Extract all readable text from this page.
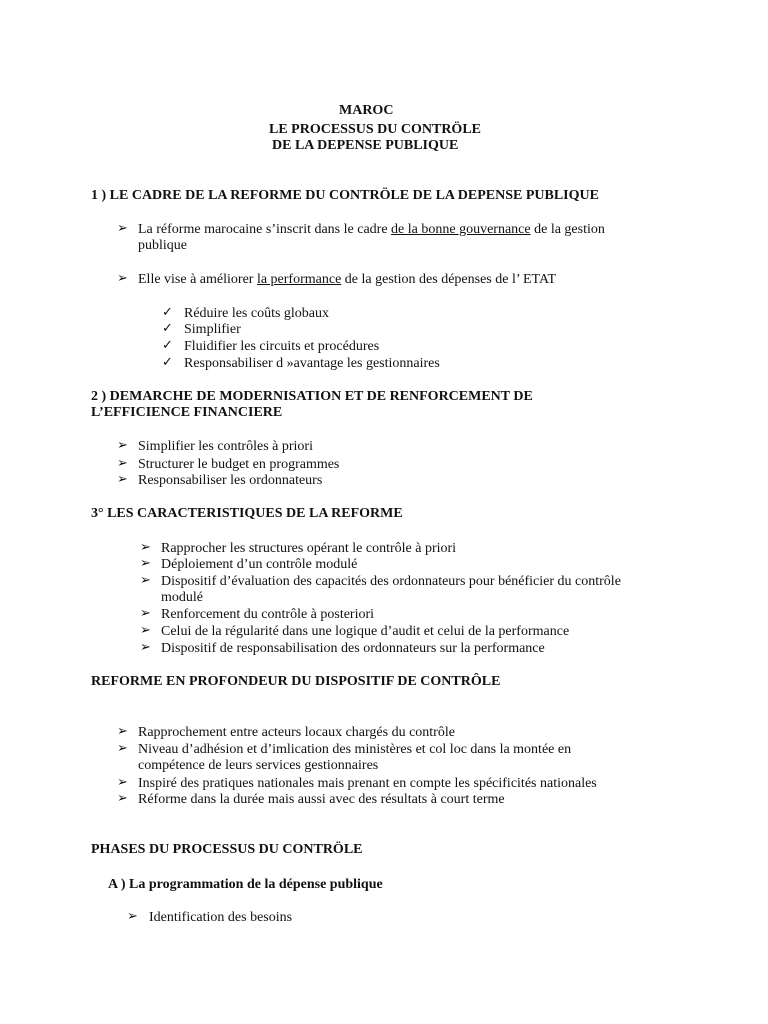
MAROC
LE PROCESSUS DU CONTRÖLE
DE LA DEPENSE PUBLIQUE
1 ) LE CADRE DE LA REFORME DU CONTRÖLE DE LA DEPENSE PUBLIQUE
➢ La réforme marocaine s’inscrit dans le cadre de la bonne gouvernance de la gestion
publique
➢ Elle vise à améliorer la performance de la gestion des dépenses de l’ ETAT
✓ Réduire les coûts globaux
✓ Simplifier
✓ Fluidifier les circuits et procédures
✓ Responsabiliser d »avantage les gestionnaires
2 ) DEMARCHE DE MODERNISATION ET DE RENFORCEMENT DE
L’EFFICIENCE FINANCIERE
➢ Simplifier les contrôles à priori
➢ Structurer le budget en programmes
➢ Responsabiliser les ordonnateurs
3° LES CARACTERISTIQUES DE LA REFORME
➢ Rapprocher les structures opérant le contrôle à priori
➢ Déploiement d’un contrôle modulé
➢ Dispositif d’évaluation des capacités des ordonnateurs pour bénéficier du contrôle
modulé
➢ Renforcement du contrôle à posteriori
➢ Celui de la régularité dans une logique d’audit et celui de la performance
➢ Dispositif de responsabilisation des ordonnateurs sur la performance
REFORME EN PROFONDEUR DU DISPOSITIF DE CONTRÔLE
➢ Rapprochement entre acteurs locaux chargés du contrôle
➢ Niveau d’adhésion et d’imlication des ministères et col loc dans la montée en
compétence de leurs services gestionnaires
➢ Inspiré des pratiques nationales mais prenant en compte les spécificités nationales
➢ Réforme dans la durée mais aussi avec des résultats à court terme
PHASES DU PROCESSUS DU CONTRÖLE
A ) La programmation de la dépense publique
➢ Identification des besoins
